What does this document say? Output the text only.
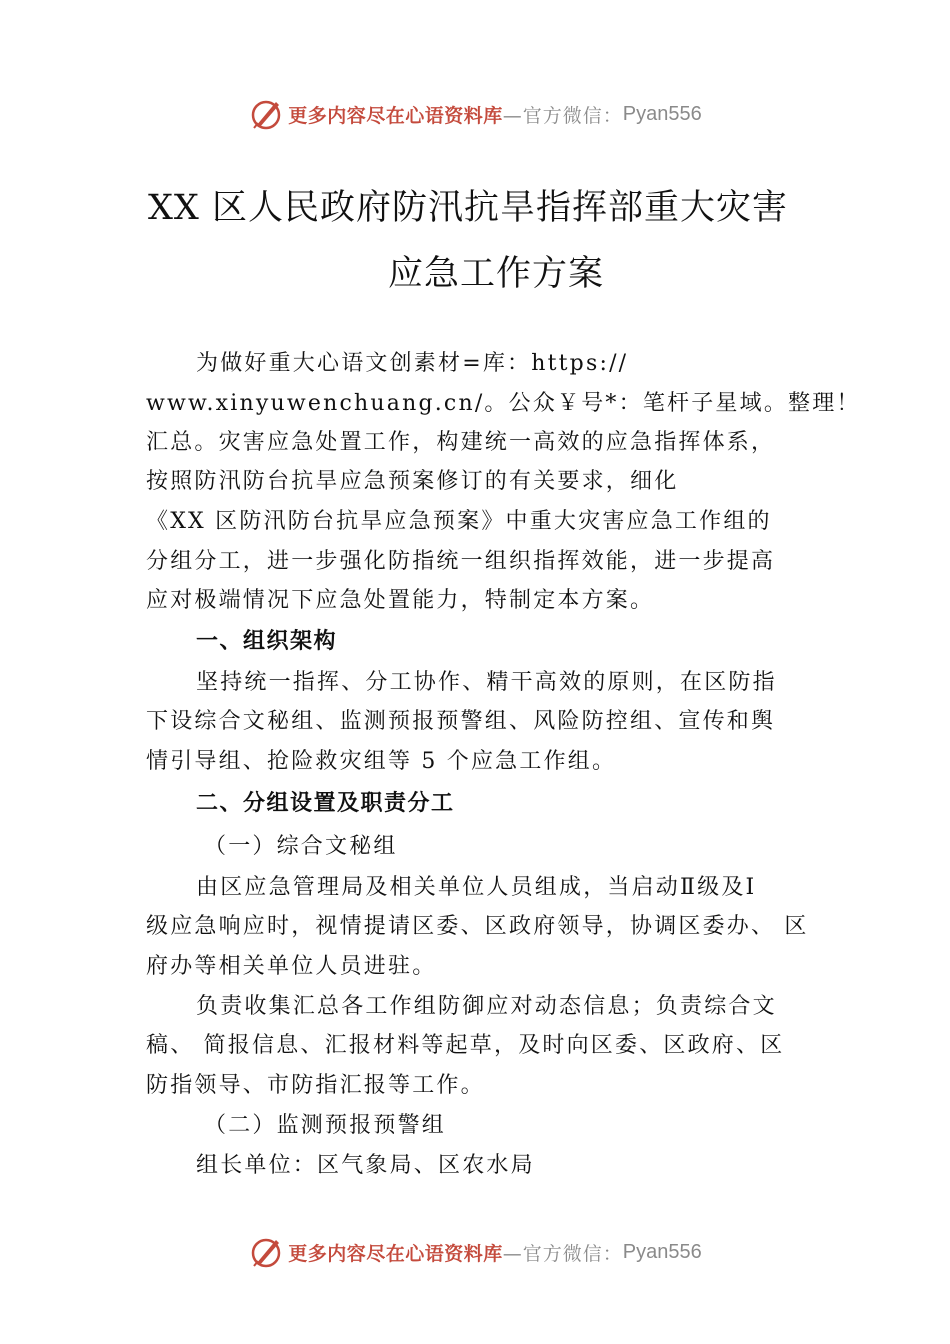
更多内容尽在心语资料库 —官方微信： Pyan556
XX 区人民政府防汛抗旱指挥部重大灾害
应急工作方案
为做好重大心语文创素材=库：https://
www.xinyuwenchuang.cn/。公众￥号*：笔杆子星域。整理！
汇总。灾害应急处置工作，构建统一高效的应急指挥体系，
按照防汛防台抗旱应急预案修订的有关要求，细化
《XX 区防汛防台抗旱应急预案》中重大灾害应急工作组的
分组分工，进一步强化防指统一组织指挥效能，进一步提高
应对极端情况下应急处置能力，特制定本方案。
一、组织架构
坚持统一指挥、分工协作、精干高效的原则，在区防指
下设综合文秘组、监测预报预警组、风险防控组、宣传和舆
情引导组、抢险救灾组等 5 个应急工作组。
二、分组设置及职责分工
（一）综合文秘组
由区应急管理局及相关单位人员组成，当启动Ⅱ级及Ⅰ
级应急响应时，视情提请区委、区政府领导，协调区委办、 区
府办等相关单位人员进驻。
负责收集汇总各工作组防御应对动态信息；负责综合文
稿、 简报信息、汇报材料等起草，及时向区委、区政府、区
防指领导、市防指汇报等工作。
（二）监测预报预警组
组长单位：区气象局、区农水局
更多内容尽在心语资料库 —官方微信： Pyan556
